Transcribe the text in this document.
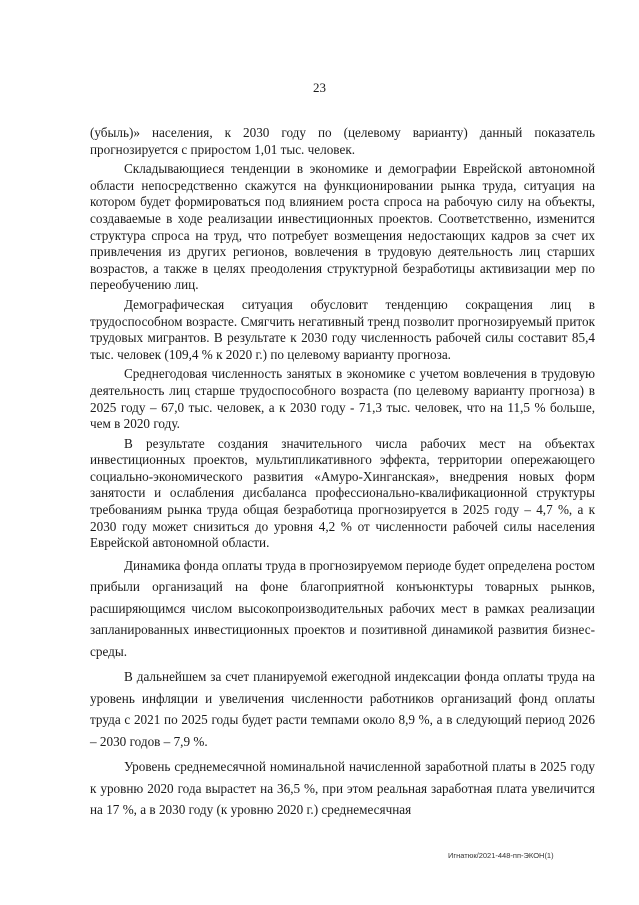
23

(убыль)» населения, к 2030 году по (целевому варианту) данный показатель прогнозируется с приростом 1,01 тыс. человек.

Складывающиеся тенденции в экономике и демографии Еврейской автономной области непосредственно скажутся на функционировании рынка труда, ситуация на котором будет формироваться под влиянием роста спроса на рабочую силу на объекты, создаваемые в ходе реализации инвестиционных проектов. Соответственно, изменится структура спроса на труд, что потребует возмещения недостающих кадров за счет их привлечения из других регионов, вовлечения в трудовую деятельность лиц старших возрастов, а также в целях преодоления структурной безработицы активизации мер по переобучению лиц.

Демографическая ситуация обусловит тенденцию сокращения лиц в трудоспособном возрасте. Смягчить негативный тренд позволит прогнозируемый приток трудовых мигрантов. В результате к 2030 году численность рабочей силы составит 85,4 тыс. человек (109,4 % к 2020 г.) по целевому варианту прогноза.

Среднегодовая численность занятых в экономике с учетом вовлечения в трудовую деятельность лиц старше трудоспособного возраста (по целевому варианту прогноза) в 2025 году – 67,0 тыс. человек, а к 2030 году - 71,3 тыс. человек, что на 11,5 % больше, чем в 2020 году.

В результате создания значительного числа рабочих мест на объектах инвестиционных проектов, мультипликативного эффекта, территории опережающего социально-экономического развития «Амуро-Хинганская», внедрения новых форм занятости и ослабления дисбаланса профессионально-квалификационной структуры требованиям рынка труда общая безработица прогнозируется в 2025 году – 4,7 %, а к 2030 году может снизиться до уровня 4,2 % от численности рабочей силы населения Еврейской автономной области.

Динамика фонда оплаты труда в прогнозируемом периоде будет определена ростом прибыли организаций на фоне благоприятной конъюнктуры товарных рынков, расширяющимся числом высокопроизводительных рабочих мест в рамках реализации запланированных инвестиционных проектов и позитивной динамикой развития бизнес-среды.

В дальнейшем за счет планируемой ежегодной индексации фонда оплаты труда на уровень инфляции и увеличения численности работников организаций фонд оплаты труда с 2021 по 2025 годы будет расти темпами около 8,9 %, а в следующий период 2026 – 2030 годов – 7,9 %.

Уровень среднемесячной номинальной начисленной заработной платы в 2025 году к уровню 2020 года вырастет на 36,5 %, при этом реальная заработная плата увеличится на 17 %, а в 2030 году (к уровню 2020 г.) среднемесячная

Игнатюк/2021-448-пп-ЭКОН(1)
